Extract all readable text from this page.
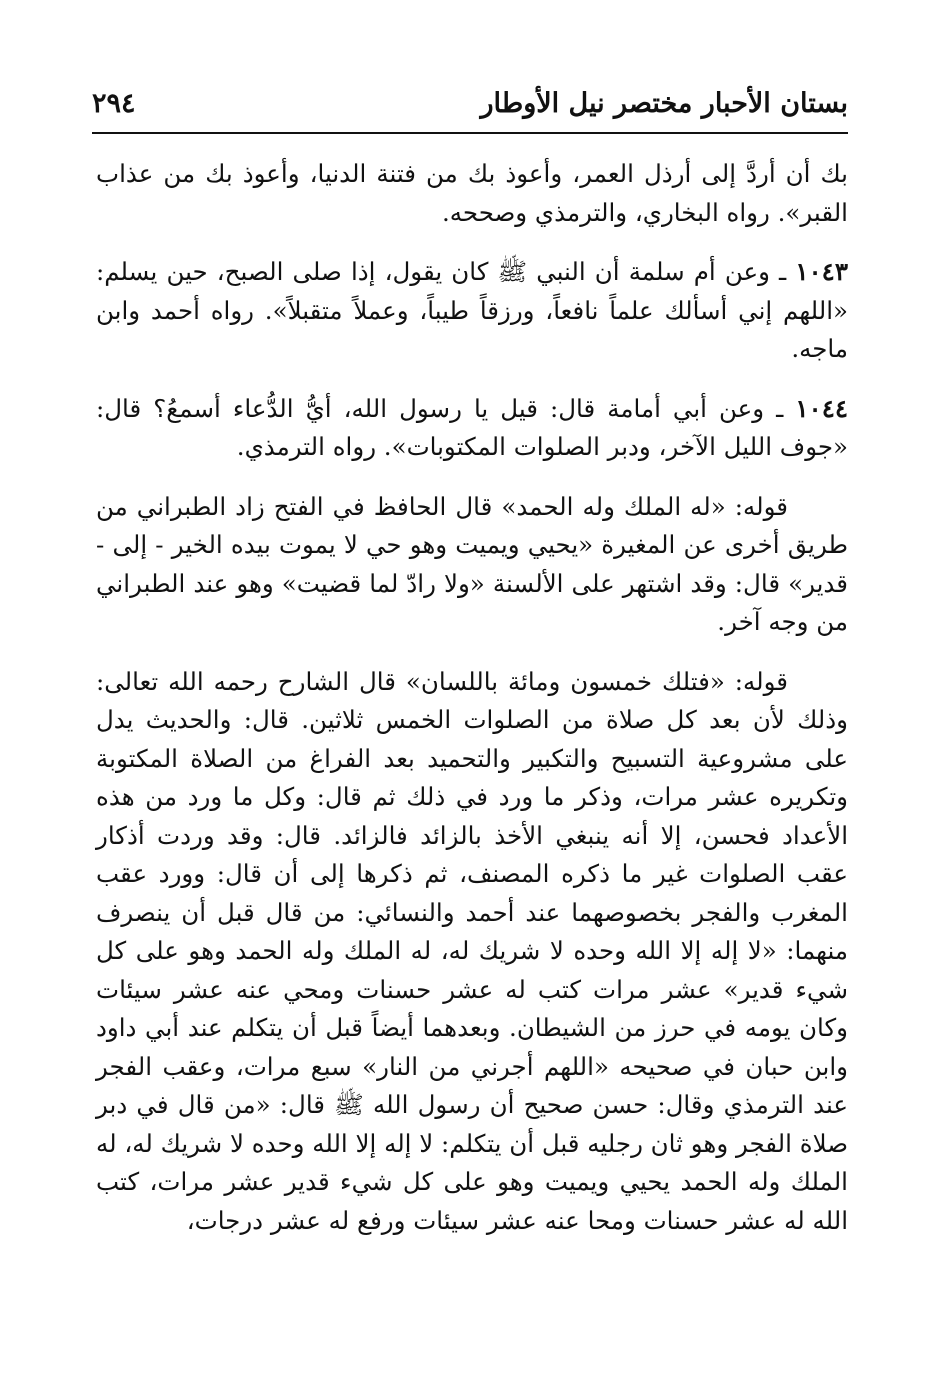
بستان الأحبار مختصر نيل الأوطار
٢٩٤

بك أن أردَّ إلى أرذل العمر، وأعوذ بك من فتنة الدنيا، وأعوذ بك من عذاب القبر». رواه البخاري، والترمذي وصححه.

١٠٤٣ ـ وعن أم سلمة أن النبي ﷺ كان يقول، إذا صلى الصبح، حين يسلم: «اللهم إني أسألك علماً نافعاً، ورزقاً طيباً، وعملاً متقبلاً». رواه أحمد وابن ماجه.

١٠٤٤ ـ وعن أبي أمامة قال: قيل يا رسول الله، أيُّ الدُّعاء أسمعُ؟ قال: «جوف الليل الآخر، ودبر الصلوات المكتوبات». رواه الترمذي.

قوله: «له الملك وله الحمد» قال الحافظ في الفتح زاد الطبراني من طريق أخرى عن المغيرة «يحيي ويميت وهو حي لا يموت بيده الخير - إلى - قدير» قال: وقد اشتهر على الألسنة «ولا رادّ لما قضيت» وهو عند الطبراني من وجه آخر.

قوله: «فتلك خمسون ومائة باللسان» قال الشارح رحمه الله تعالى: وذلك لأن بعد كل صلاة من الصلوات الخمس ثلاثين. قال: والحديث يدل على مشروعية التسبيح والتكبير والتحميد بعد الفراغ من الصلاة المكتوبة وتكريره عشر مرات، وذكر ما ورد في ذلك ثم قال: وكل ما ورد من هذه الأعداد فحسن، إلا أنه ينبغي الأخذ بالزائد فالزائد. قال: وقد وردت أذكار عقب الصلوات غير ما ذكره المصنف، ثم ذكرها إلى أن قال: وورد عقب المغرب والفجر بخصوصهما عند أحمد والنسائي: من قال قبل أن ينصرف منهما: «لا إله إلا الله وحده لا شريك له، له الملك وله الحمد وهو على كل شيء قدير» عشر مرات كتب له عشر حسنات ومحي عنه عشر سيئات وكان يومه في حرز من الشيطان. وبعدهما أيضاً قبل أن يتكلم عند أبي داود وابن حبان في صحيحه «اللهم أجرني من النار» سبع مرات، وعقب الفجر عند الترمذي وقال: حسن صحيح أن رسول الله ﷺ قال: «من قال في دبر صلاة الفجر وهو ثان رجليه قبل أن يتكلم: لا إله إلا الله وحده لا شريك له، له الملك وله الحمد يحيي ويميت وهو على كل شيء قدير عشر مرات، كتب الله له عشر حسنات ومحا عنه عشر سيئات ورفع له عشر درجات،
